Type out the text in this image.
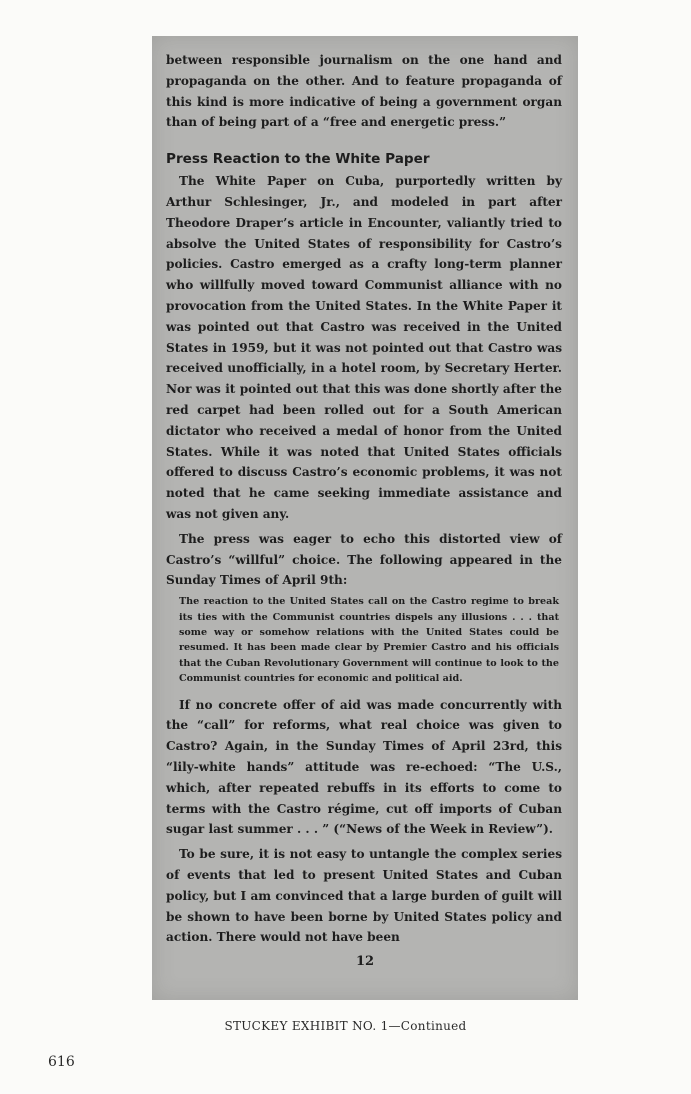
between responsible journalism on the one hand and propaganda on the other. And to feature propaganda of this kind is more indicative of being a government organ than of being part of a “free and energetic press.”

Press Reaction to the White Paper

The White Paper on Cuba, purportedly written by Arthur Schlesinger, Jr., and modeled in part after Theodore Draper’s article in Encounter, valiantly tried to absolve the United States of responsibility for Castro’s policies. Castro emerged as a crafty long-term planner who willfully moved toward Communist alliance with no provocation from the United States. In the White Paper it was pointed out that Castro was received in the United States in 1959, but it was not pointed out that Castro was received unofficially, in a hotel room, by Secretary Herter. Nor was it pointed out that this was done shortly after the red carpet had been rolled out for a South American dictator who received a medal of honor from the United States. While it was noted that United States officials offered to discuss Castro’s economic problems, it was not noted that he came seeking immediate assistance and was not given any.

The press was eager to echo this distorted view of Castro’s “willful” choice. The following appeared in the Sunday Times of April 9th:

The reaction to the United States call on the Castro regime to break its ties with the Communist countries dispels any illusions . . . that some way or somehow relations with the United States could be resumed. It has been made clear by Premier Castro and his officials that the Cuban Revolutionary Government will continue to look to the Communist countries for economic and political aid.

If no concrete offer of aid was made concurrently with the “call” for reforms, what real choice was given to Castro? Again, in the Sunday Times of April 23rd, this “lily-white hands” attitude was re-echoed: “The U.S., which, after repeated rebuffs in its efforts to come to terms with the Castro régime, cut off imports of Cuban sugar last summer . . . ” (“News of the Week in Review”).

To be sure, it is not easy to untangle the complex series of events that led to present United States and Cuban policy, but I am convinced that a large burden of guilt will be shown to have been borne by United States policy and action. There would not have been

12
STUCKEY EXHIBIT NO. 1—Continued
616
